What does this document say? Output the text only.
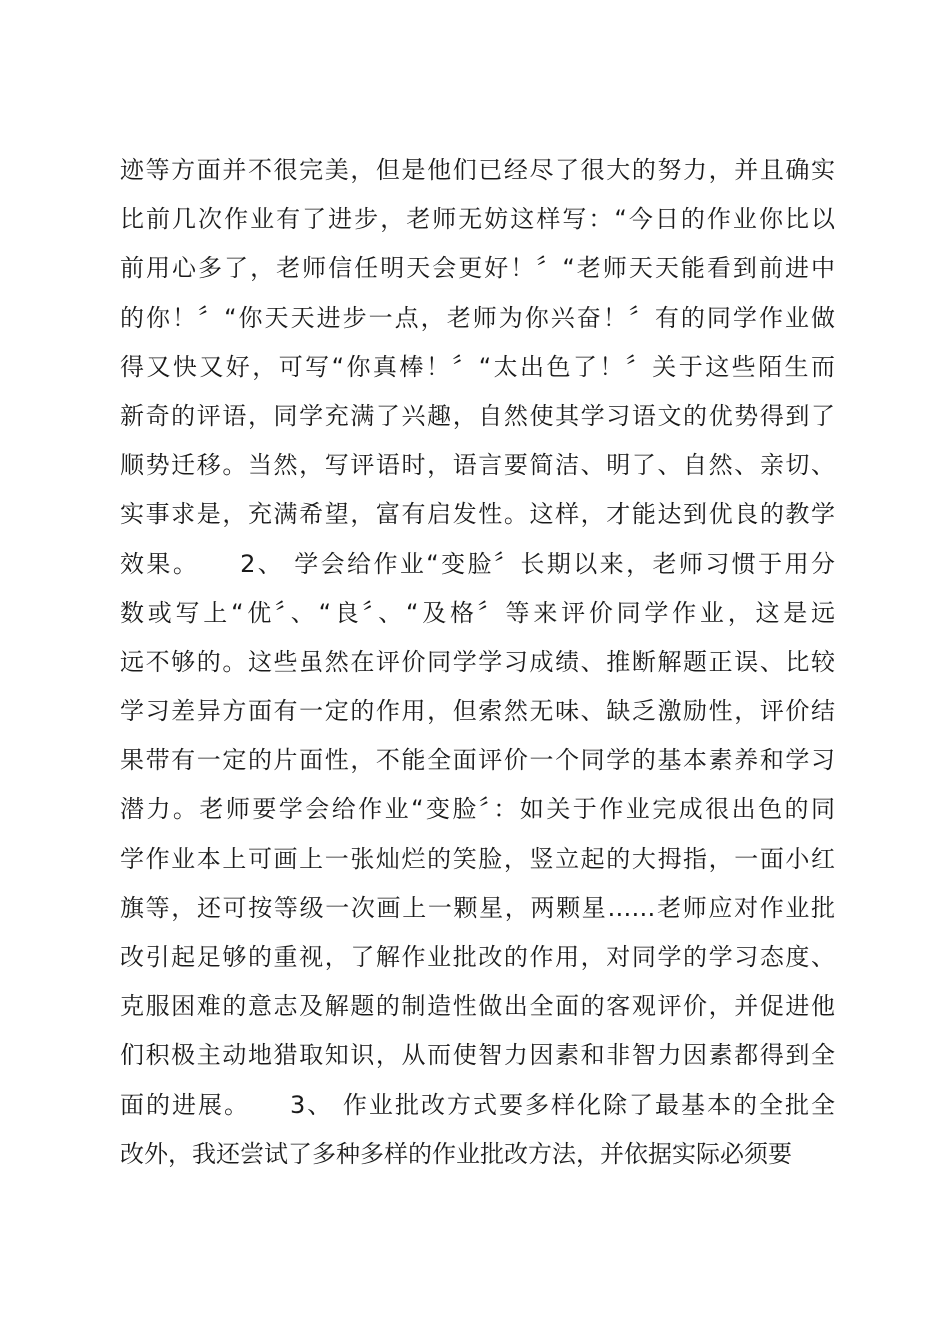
迹等方面并不很完美，但是他们已经尽了很大的努力，并且确实
比前几次作业有了进步，老师无妨这样写：“今日的作业你比以
前用心多了，老师信任明天会更好！〞“老师天天能看到前进中
的你！〞“你天天进步一点，老师为你兴奋！〞有的同学作业做
得又快又好，可写“你真棒！〞“太出色了！〞关于这些陌生而
新奇的评语，同学充满了兴趣，自然使其学习语文的优势得到了
顺势迁移。当然，写评语时，语言要简洁、明了、自然、亲切、
实事求是，充满希望，富有启发性。这样，才能达到优良的教学
效果。　　2、 学会给作业“变脸〞长期以来，老师习惯于用分
数或写上“优〞、“良〞、“及格〞等来评价同学作业，这是远
远不够的。这些虽然在评价同学学习成绩、推断解题正误、比较
学习差异方面有一定的作用，但索然无味、缺乏激励性，评价结
果带有一定的片面性，不能全面评价一个同学的基本素养和学习
潜力。老师要学会给作业“变脸〞：如关于作业完成很出色的同
学作业本上可画上一张灿烂的笑脸，竖立起的大拇指，一面小红
旗等，还可按等级一次画上一颗星，两颗星……老师应对作业批
改引起足够的重视，了解作业批改的作用，对同学的学习态度、
克服困难的意志及解题的制造性做出全面的客观评价，并促进他
们积极主动地猎取知识，从而使智力因素和非智力因素都得到全
面的进展。　　3、 作业批改方式要多样化除了最基本的全批全
改外，我还尝试了多种多样的作业批改方法，并依据实际必须要
